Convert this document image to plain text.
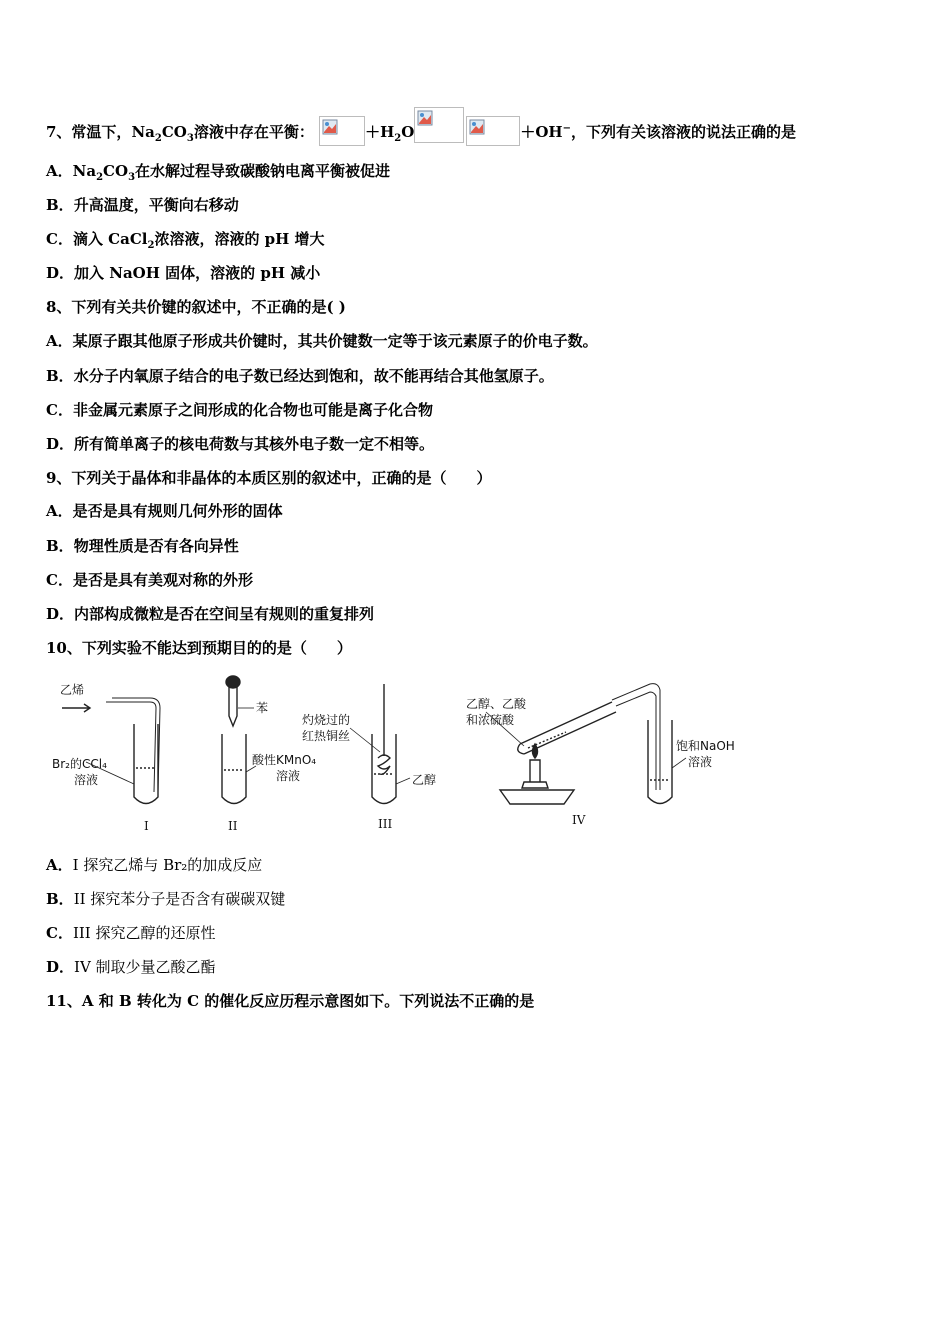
7、常温下，$Na_2CO_3$溶液中存在平衡：	$+H_2O$	＋OH−，下列有关该溶液的说法正确的是
A．$Na_2CO_3$在水解过程导致碳酸钠电离平衡被促进
B．升高温度，平衡向右移动
C．滴入 CaCl$_2$浓溶液，溶液的 pH 增大
D．加入 NaOH 固体，溶液的 pH 减小
8、下列有关共价键的叙述中，不正确的是( )
A．某原子跟其他原子形成共价键时，其共价键数一定等于该元素原子的价电子数。
B．水分子内氧原子结合的电子数已经达到饱和，故不能再结合其他氢原子。
C．非金属元素原子之间形成的化合物也可能是离子化合物
D．所有简单离子的核电荷数与其核外电子数一定不相等。
9、下列关于晶体和非晶体的本质区别的叙述中，正确的是（　　）
A．是否是具有规则几何外形的固体
B．物理性质是否有各向异性
C．是否是具有美观对称的外形
D．内部构成微粒是否在空间呈有规则的重复排列
10、下列实验不能达到预期目的的是（　　）
乙烯
Br₂的CCl₄
溶液
苯
酸性KMnO₄
溶液
灼烧过的
红热铜丝
乙醇
乙醇、乙酸
和浓硫酸
饱和NaOH
溶液
I	II	III	IV
A．I 探究乙烯与 Br₂的加成反应
B．II 探究苯分子是否含有碳碳双键
C．III 探究乙醇的还原性
D．IV 制取少量乙酸乙酯
11、A 和 B 转化为 C 的催化反应历程示意图如下。下列说法不正确的是
